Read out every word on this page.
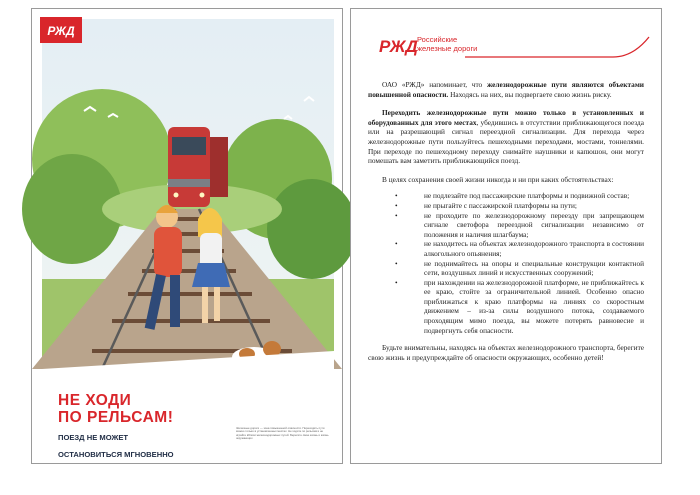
НЕ ХОДИ
ПО РЕЛЬСАМ!
ПОЕЗД НЕ МОЖЕТ
ОСТАНОВИТЬСЯ МГНОВЕННО
Железные дороги — зона повышенной опасности. Переходить пути можно только в установленных местах. Не ходите по рельсам и не играйте вблизи железнодорожных путей. Берегите свою жизнь и жизнь окружающих.
РЖД
РЖД Российские
железные дороги

ОАО «РЖД» напоминает, что железнодорожные пути являются объектами повышенной опасности. Находясь на них, вы подвергаете свою жизнь риску.

Переходить железнодорожные пути можно только в установленных и оборудованных для этого местах, убедившись в отсутствии приближающегося поезда или на разрешающий сигнал переездной сигнализации. Для перехода через железнодорожные пути пользуйтесь пешеходными переходами, мостами, тоннелями. При переходе по пешеходному переходу снимайте наушники и капюшон, они могут помешать вам заметить приближающийся поезд.

В целях сохранения своей жизни никогда и ни при каких обстоятельствах:

• не подлезайте под пассажирские платформы и подвижной состав;
• не прыгайте с пассажирской платформы на пути;
• не проходите по железнодорожному переезду при запрещающем сигнале светофора переездной сигнализации независимо от положения и наличия шлагбаума;
• не находитесь на объектах железнодорожного транспорта в состоянии алкогольного опьянения;
• не поднимайтесь на опоры и специальные конструкции контактной сети, воздушных линий и искусственных сооружений;
• при нахождении на железнодорожной платформе, не приближайтесь к ее краю, стойте за ограничительной линией. Особенно опасно приближаться к краю платформы на линиях со скоростным движением – из-за силы воздушного потока, создаваемого проходящим мимо поезда, вы можете потерять равновесие и подвергнуть себя опасности.

Будьте внимательны, находясь на объектах железнодорожного транспорта, берегите свою жизнь и предупреждайте об опасности окружающих, особенно детей!
